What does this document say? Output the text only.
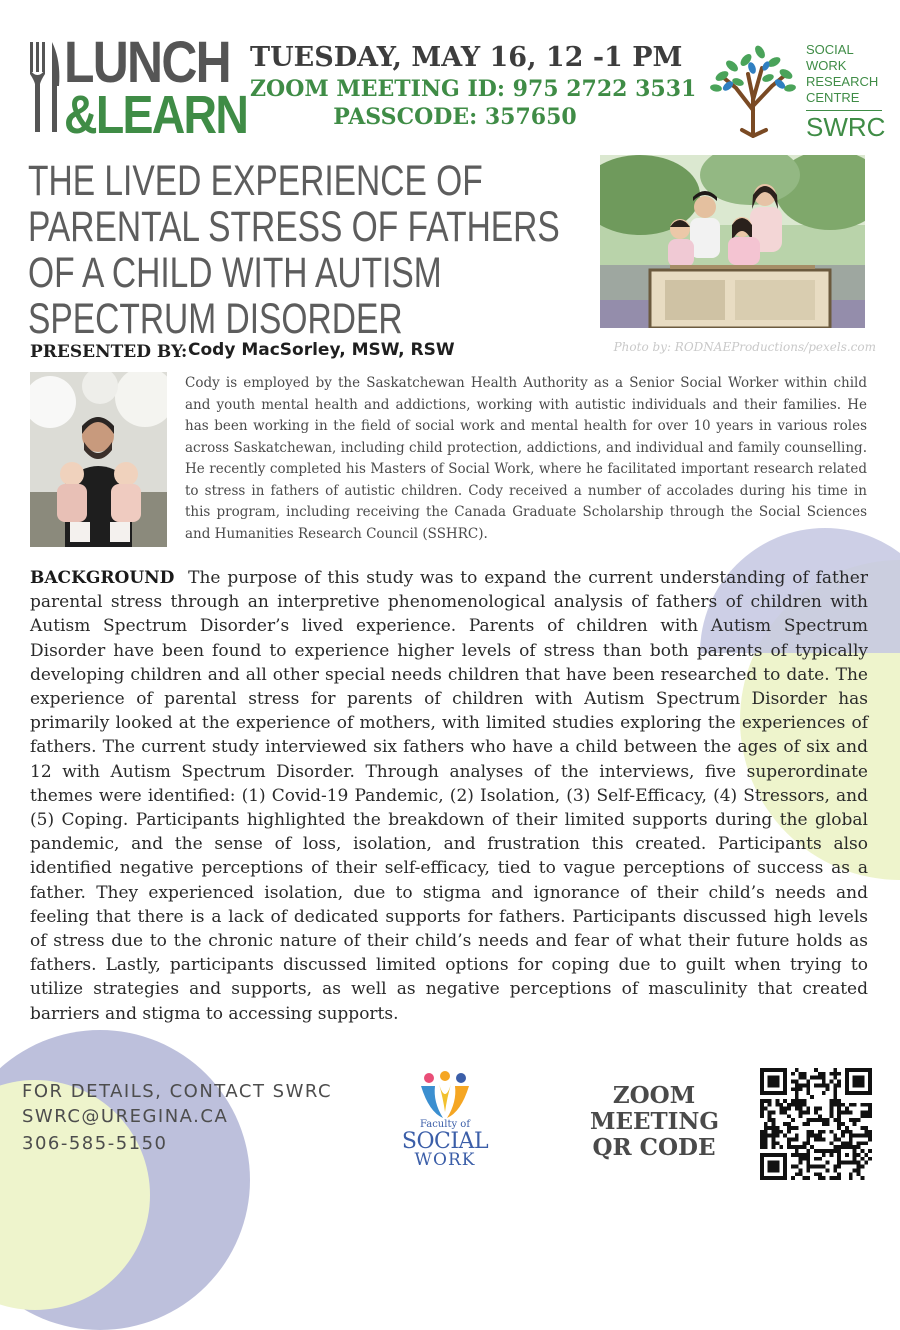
LUNCH
&LEARN
TUESDAY, MAY 16, 12 -1 PM
ZOOM MEETING ID: 975 2722 3531
PASSCODE: 357650
SOCIAL
WORK
RESEARCH
CENTRE
SWRC
THE LIVED EXPERIENCE OF PARENTAL STRESS OF FATHERS OF A CHILD WITH AUTISM SPECTRUM DISORDER
Photo by: RODNAEProductions/pexels.com
PRESENTED BY: Cody MacSorley, MSW, RSW
Cody is employed by the Saskatchewan Health Authority as a Senior Social Worker within child and youth mental health and addictions, working with autistic individuals and their families. He has been working in the field of social work and mental health for over 10 years in various roles across Saskatchewan, including child protection, addictions, and individual and family counselling. He recently completed his Masters of Social Work, where he facilitated important research related to stress in fathers of autistic children. Cody received a number of accolades during his time in this program, including receiving the Canada Graduate Scholarship through the Social Sciences and Humanities Research Council (SSHRC).
BACKGROUND The purpose of this study was to expand the current understanding of father parental stress through an interpretive phenomenological analysis of fathers of children with Autism Spectrum Disorder’s lived experience. Parents of children with Autism Spectrum Disorder have been found to experience higher levels of stress than both parents of typically developing children and all other special needs children that have been researched to date. The experience of parental stress for parents of children with Autism Spectrum Disorder has primarily looked at the experience of mothers, with limited studies exploring the experiences of fathers. The current study interviewed six fathers who have a child between the ages of six and 12 with Autism Spectrum Disorder. Through analyses of the interviews, five superordinate themes were identified: (1) Covid-19 Pandemic, (2) Isolation, (3) Self-Efficacy, (4) Stressors, and (5) Coping. Participants highlighted the breakdown of their limited supports during the global pandemic, and the sense of loss, isolation, and frustration this created. Participants also identified negative perceptions of their self-efficacy, tied to vague perceptions of success as a father. They experienced isolation, due to stigma and ignorance of their child’s needs and feeling that there is a lack of dedicated supports for fathers. Participants discussed high levels of stress due to the chronic nature of their child’s needs and fear of what their future holds as fathers. Lastly, participants discussed limited options for coping due to guilt when trying to utilize strategies and supports, as well as negative perceptions of masculinity that created barriers and stigma to accessing supports.
FOR DETAILS, CONTACT SWRC
SWRC@UREGINA.CA
306-585-5150
Faculty of
SOCIAL
WORK
ZOOM
MEETING
QR CODE
